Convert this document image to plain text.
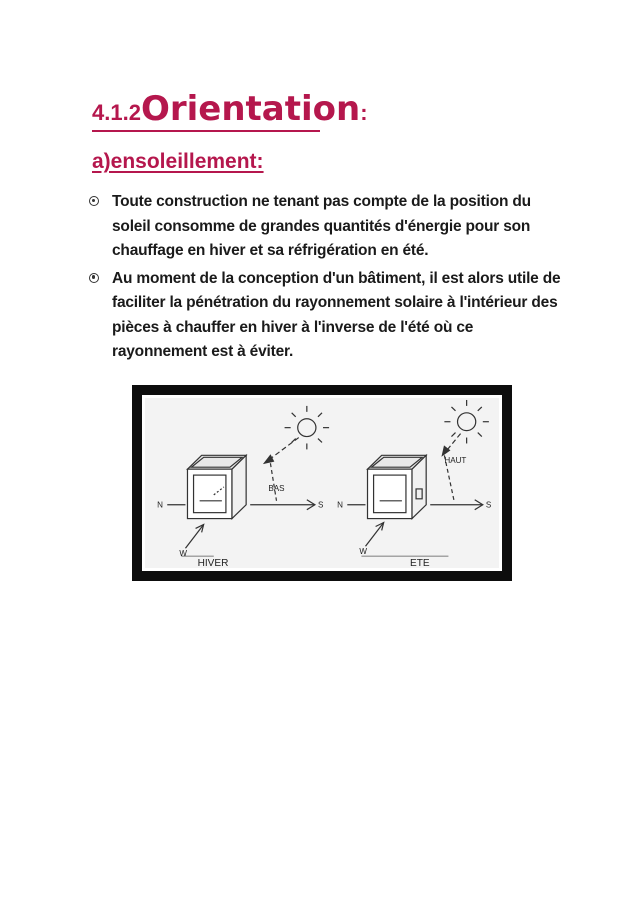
4.1.2Orientation:
a)ensoleillement:
Toute construction ne tenant pas compte de la position du soleil consomme de grandes quantités d'énergie pour son chauffage en hiver et sa réfrigération en été.
Au moment de la conception d'un bâtiment, il est alors utile de faciliter la pénétration du rayonnement solaire à l'intérieur des pièces à chauffer en hiver à l'inverse de l'été où ce rayonnement est à éviter.
BAS
N	S
W
HIVER
HAUT
N	S
W
ETE
